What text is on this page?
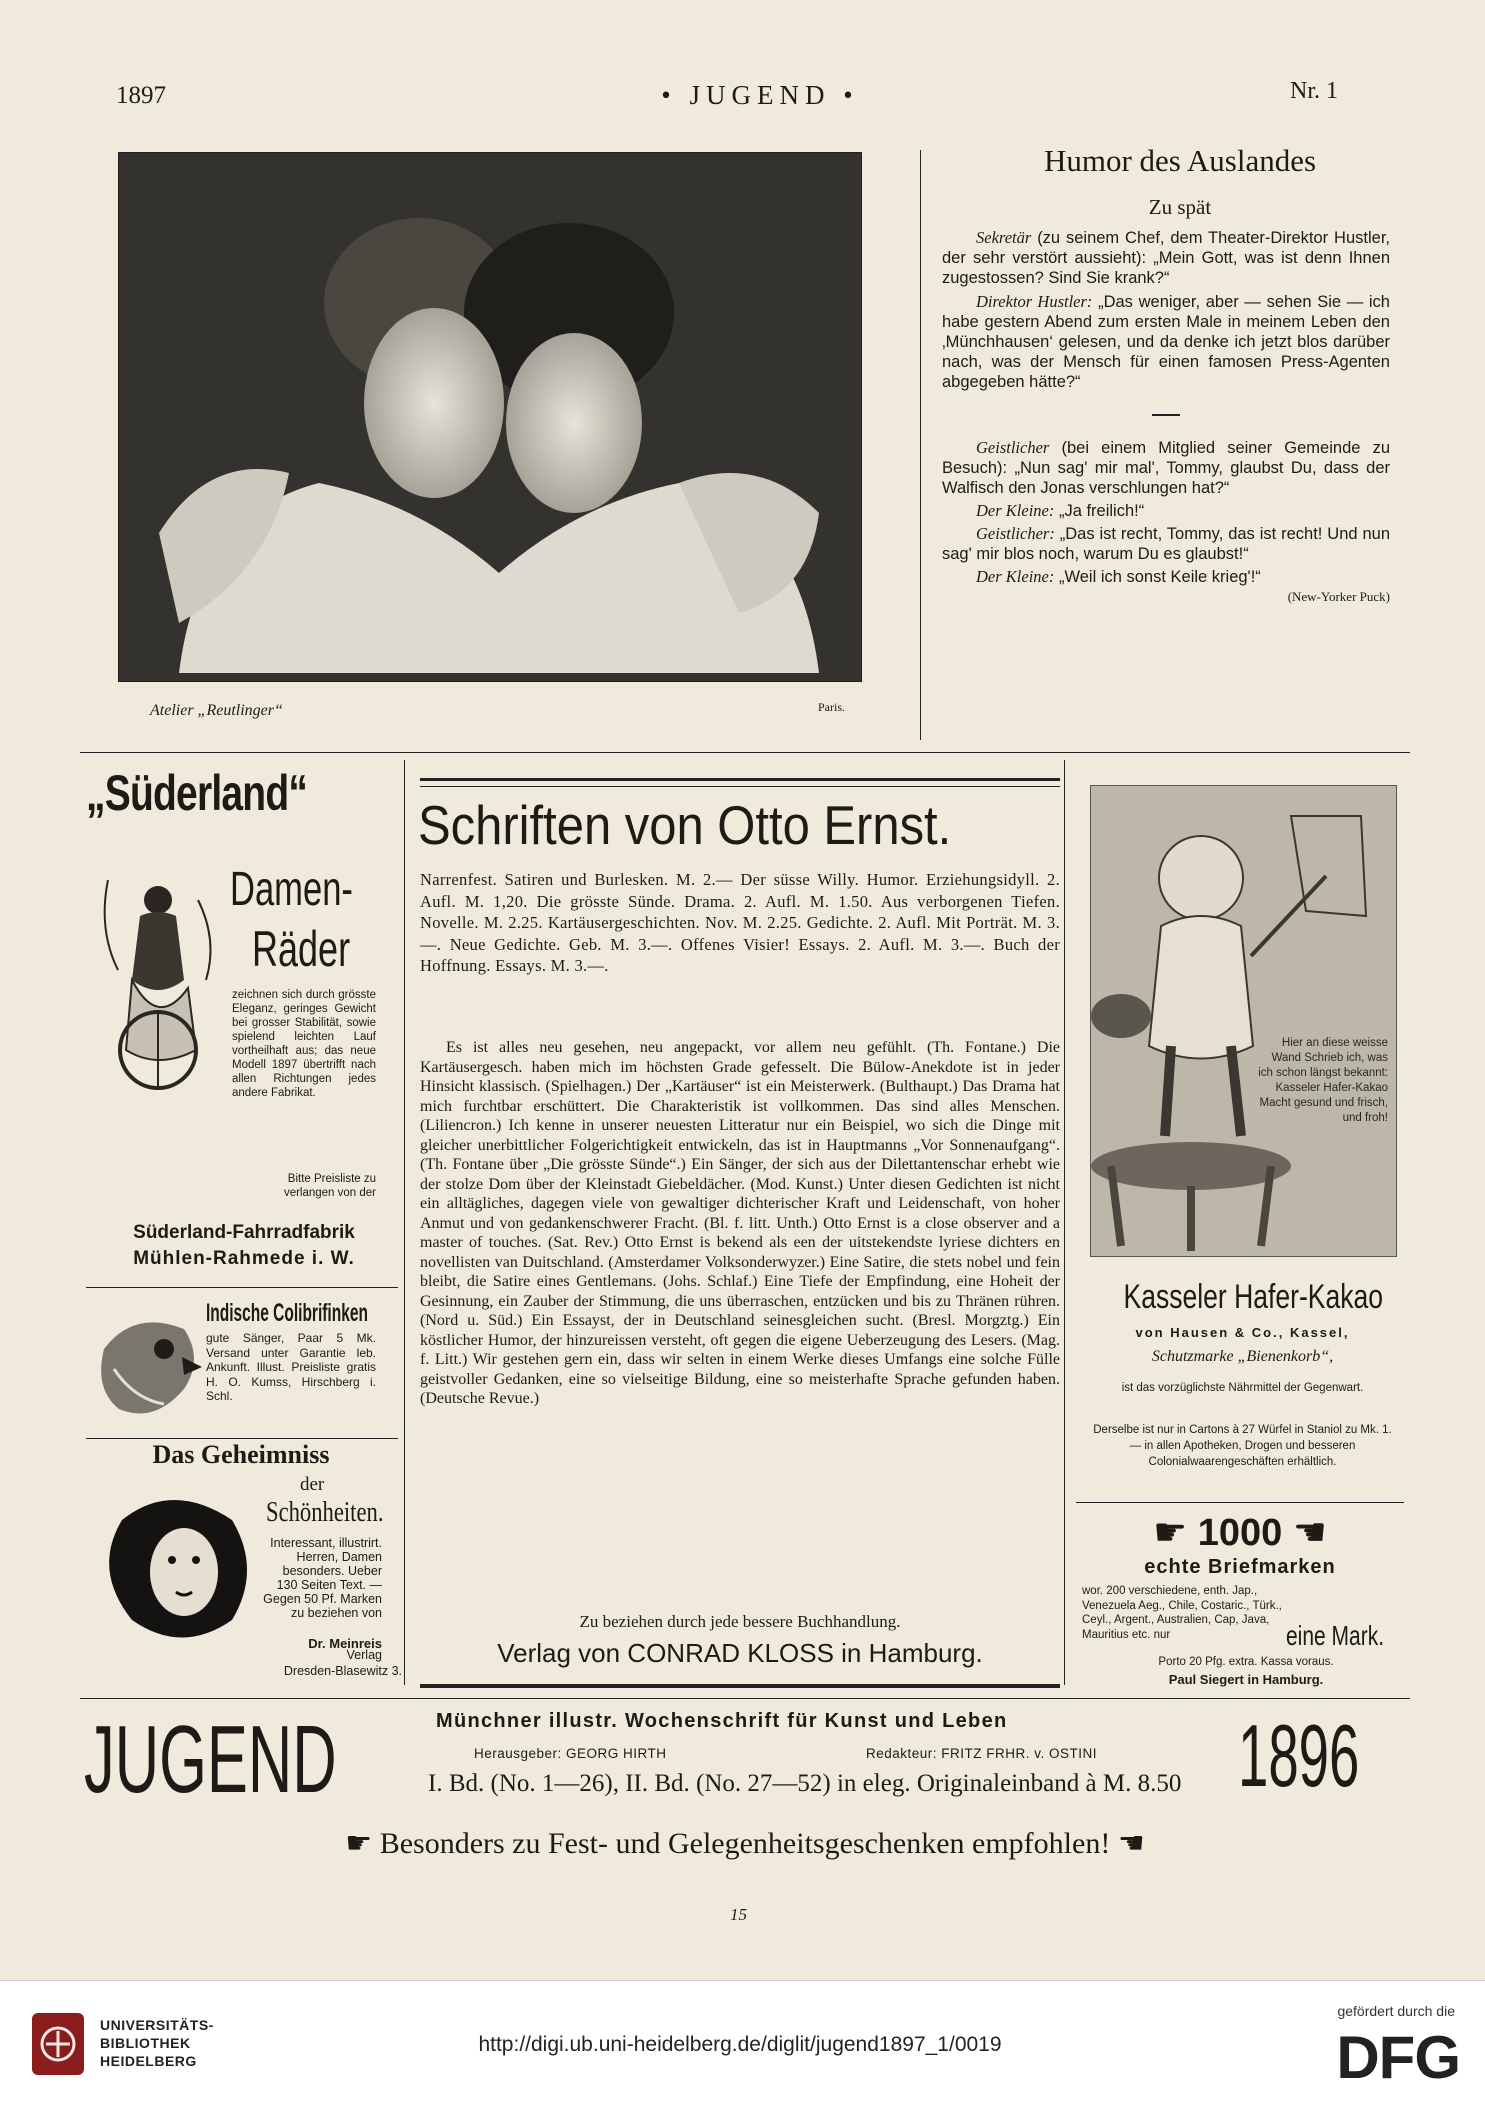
1897	• JUGEND •	Nr. 1
Atelier „Reutlinger“	Paris.
Humor des Auslandes
Zu spät
Sekretär (zu seinem Chef, dem Theater-Direktor Hustler, der sehr verstört aussieht): „Mein Gott, was ist denn Ihnen zugestossen? Sind Sie krank?“
Direktor Hustler: „Das weniger, aber — sehen Sie — ich habe gestern Abend zum ersten Male in meinem Leben den ‚Münchhausen‘ gelesen, und da denke ich jetzt blos darüber nach, was der Mensch für einen famosen Press-Agenten abgegeben hätte?“
Geistlicher (bei einem Mitglied seiner Gemeinde zu Besuch): „Nun sag' mir mal', Tommy, glaubst Du, dass der Walfisch den Jonas verschlungen hat?“
Der Kleine: „Ja freilich!“
Geistlicher: „Das ist recht, Tommy, das ist recht! Und nun sag' mir blos noch, warum Du es glaubst!“
Der Kleine: „Weil ich sonst Keile krieg'!“
(New-Yorker Puck)
„Süderland“
Damen-
Räder
zeichnen sich durch grösste Eleganz, geringes Gewicht bei grosser Stabilität, sowie spielend leichten Lauf vortheilhaft aus; das neue Modell 1897 übertrifft nach allen Richtungen jedes andere Fabrikat.
Bitte Preisliste zu verlangen von der
Süderland-Fahrradfabrik
Mühlen-Rahmede i. W.
Indische Colibrifinken
gute Sänger, Paar 5 Mk. Versand unter Garantie leb. Ankunft. Illust. Preisliste gratis H. O. Kumss, Hirschberg i. Schl.
Das Geheimniss
der
Schönheiten.
Interessant, illustrirt. Herren, Damen besonders. Ueber 130 Seiten Text. — Gegen 50 Pf. Marken zu beziehen von
Dr. Meinreis
Verlag
Dresden-Blasewitz 3.
Schriften von Otto Ernst.
Narrenfest. Satiren und Burlesken. M. 2.— Der süsse Willy. Humor. Erziehungsidyll. 2. Aufl. M. 1,20. Die grösste Sünde. Drama. 2. Aufl. M. 1.50. Aus verborgenen Tiefen. Novelle. M. 2.25. Kartäusergeschichten. Nov. M. 2.25. Gedichte. 2. Aufl. Mit Porträt. M. 3.—. Neue Gedichte. Geb. M. 3.—. Offenes Visier! Essays. 2. Aufl. M. 3.—. Buch der Hoffnung. Essays. M. 3.—.
Es ist alles neu gesehen, neu angepackt, vor allem neu gefühlt. (Th. Fontane.) Die Kartäusergesch. haben mich im höchsten Grade gefesselt. Die Bülow-Anekdote ist in jeder Hinsicht klassisch. (Spielhagen.) Der „Kartäuser“ ist ein Meisterwerk. (Bulthaupt.) Das Drama hat mich furchtbar erschüttert. Die Charakteristik ist vollkommen. Das sind alles Menschen. (Liliencron.) Ich kenne in unserer neuesten Litteratur nur ein Beispiel, wo sich die Dinge mit gleicher unerbittlicher Folgerichtigkeit entwickeln, das ist in Hauptmanns „Vor Sonnenaufgang“. (Th. Fontane über „Die grösste Sünde“.) Ein Sänger, der sich aus der Dilettantenschar erhebt wie der stolze Dom über der Kleinstadt Giebeldächer. (Mod. Kunst.) Unter diesen Gedichten ist nicht ein alltägliches, dagegen viele von gewaltiger dichterischer Kraft und Leidenschaft, von hoher Anmut und von gedankenschwerer Fracht. (Bl. f. litt. Unth.) Otto Ernst is a close observer and a master of touches. (Sat. Rev.) Otto Ernst is bekend als een der uitstekendste lyriese dichters en novellisten van Duitschland. (Amsterdamer Volksonderwyzer.) Eine Satire, die stets nobel und fein bleibt, die Satire eines Gentlemans. (Johs. Schlaf.) Eine Tiefe der Empfindung, eine Hoheit der Gesinnung, ein Zauber der Stimmung, die uns überraschen, entzücken und bis zu Thränen rühren. (Nord u. Süd.) Ein Essayst, der in Deutschland seinesgleichen sucht. (Bresl. Morgztg.) Ein köstlicher Humor, der hinzureissen versteht, oft gegen die eigene Ueberzeugung des Lesers. (Mag. f. Litt.) Wir gestehen gern ein, dass wir selten in einem Werke dieses Umfangs eine solche Fülle geistvoller Gedanken, eine so vielseitige Bildung, eine so meisterhafte Sprache gefunden haben. (Deutsche Revue.)
Zu beziehen durch jede bessere Buchhandlung.
Verlag von CONRAD KLOSS in Hamburg.
Hier an diese weisse Wand Schrieb ich, was ich schon längst bekannt: Kasseler Hafer-Kakao Macht gesund und frisch, und froh!
Kasseler Hafer-Kakao
von Hausen & Co., Kassel,
Schutzmarke „Bienenkorb“,
ist das vorzüglichste Nährmittel der Gegenwart.
Derselbe ist nur in Cartons à 27 Würfel in Staniol zu Mk. 1.— in allen Apotheken, Drogen und besseren Colonialwaarengeschäften erhältlich.
☛ 1000 ☚
echte Briefmarken
wor. 200 verschiedene, enth. Jap., Venezuela Aeg., Chile, Costaric., Türk., Ceyl., Argent., Australien, Cap, Java, Mauritius etc. nur	eine Mark.
Porto 20 Pfg. extra. Kassa voraus.
Paul Siegert in Hamburg.
JUGEND	Münchner illustr. Wochenschrift für Kunst und Leben
Herausgeber: GEORG HIRTH	Redakteur: FRITZ FRHR. v. OSTINI
I. Bd. (No. 1—26), II. Bd. (No. 27—52) in eleg. Originaleinband à M. 8.50 1896
☛ Besonders zu Fest- und Gelegenheitsgeschenken empfohlen! ☚
15
UNIVERSITÄTS-
BIBLIOTHEK
HEIDELBERG
http://digi.ub.uni-heidelberg.de/diglit/jugend1897_1/0019
gefördert durch die
DFG
